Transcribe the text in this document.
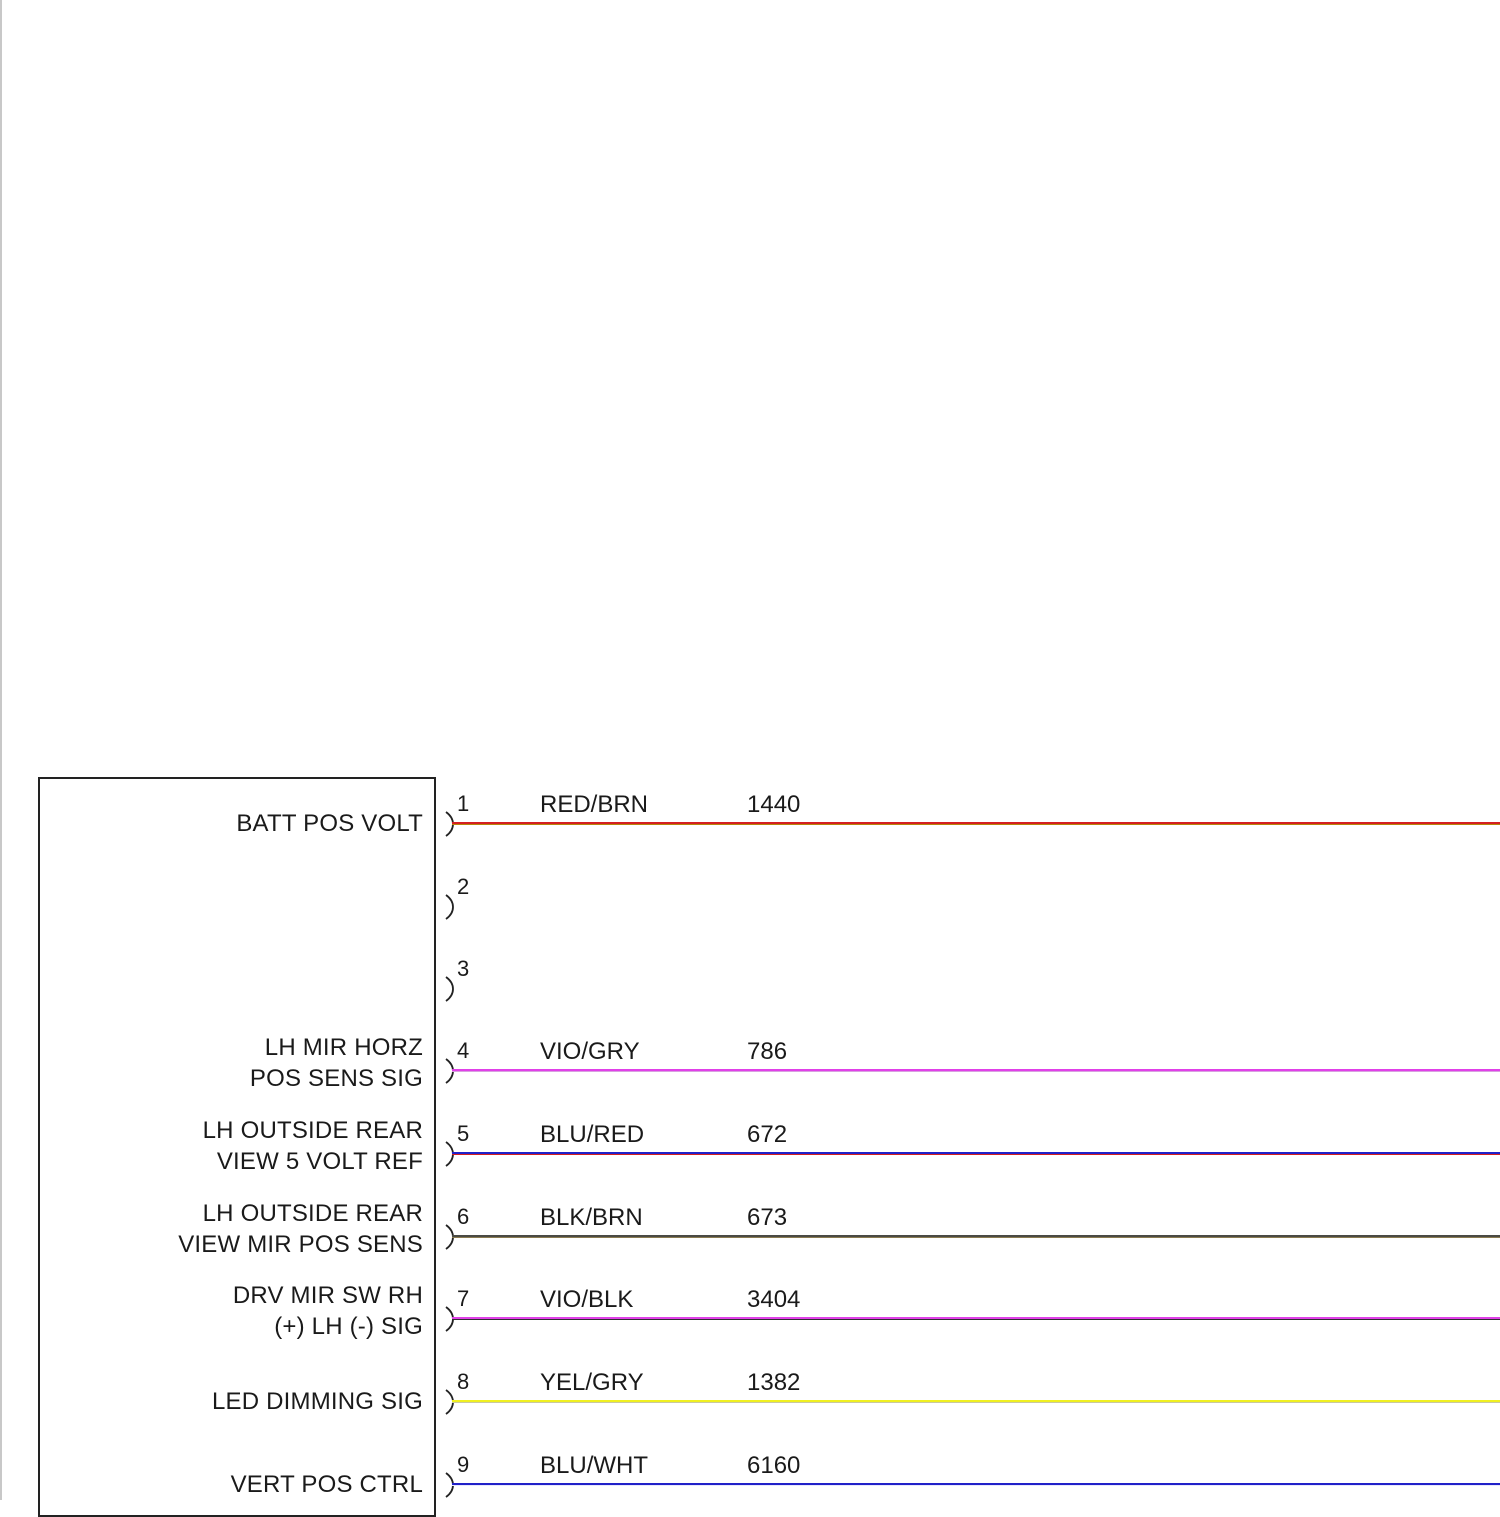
1
BATT POS VOLT
RED/BRN	1440
2
3
4
LH MIR HORZ
POS SENS SIG
VIO/GRY	786
5
LH OUTSIDE REAR
VIEW 5 VOLT REF
BLU/RED	672
6
LH OUTSIDE REAR
VIEW MIR POS SENS
BLK/BRN	673
7
DRV MIR SW RH
(+) LH (-) SIG
VIO/BLK	3404
8
LED DIMMING SIG
YEL/GRY	1382
9
VERT POS CTRL
BLU/WHT	6160
